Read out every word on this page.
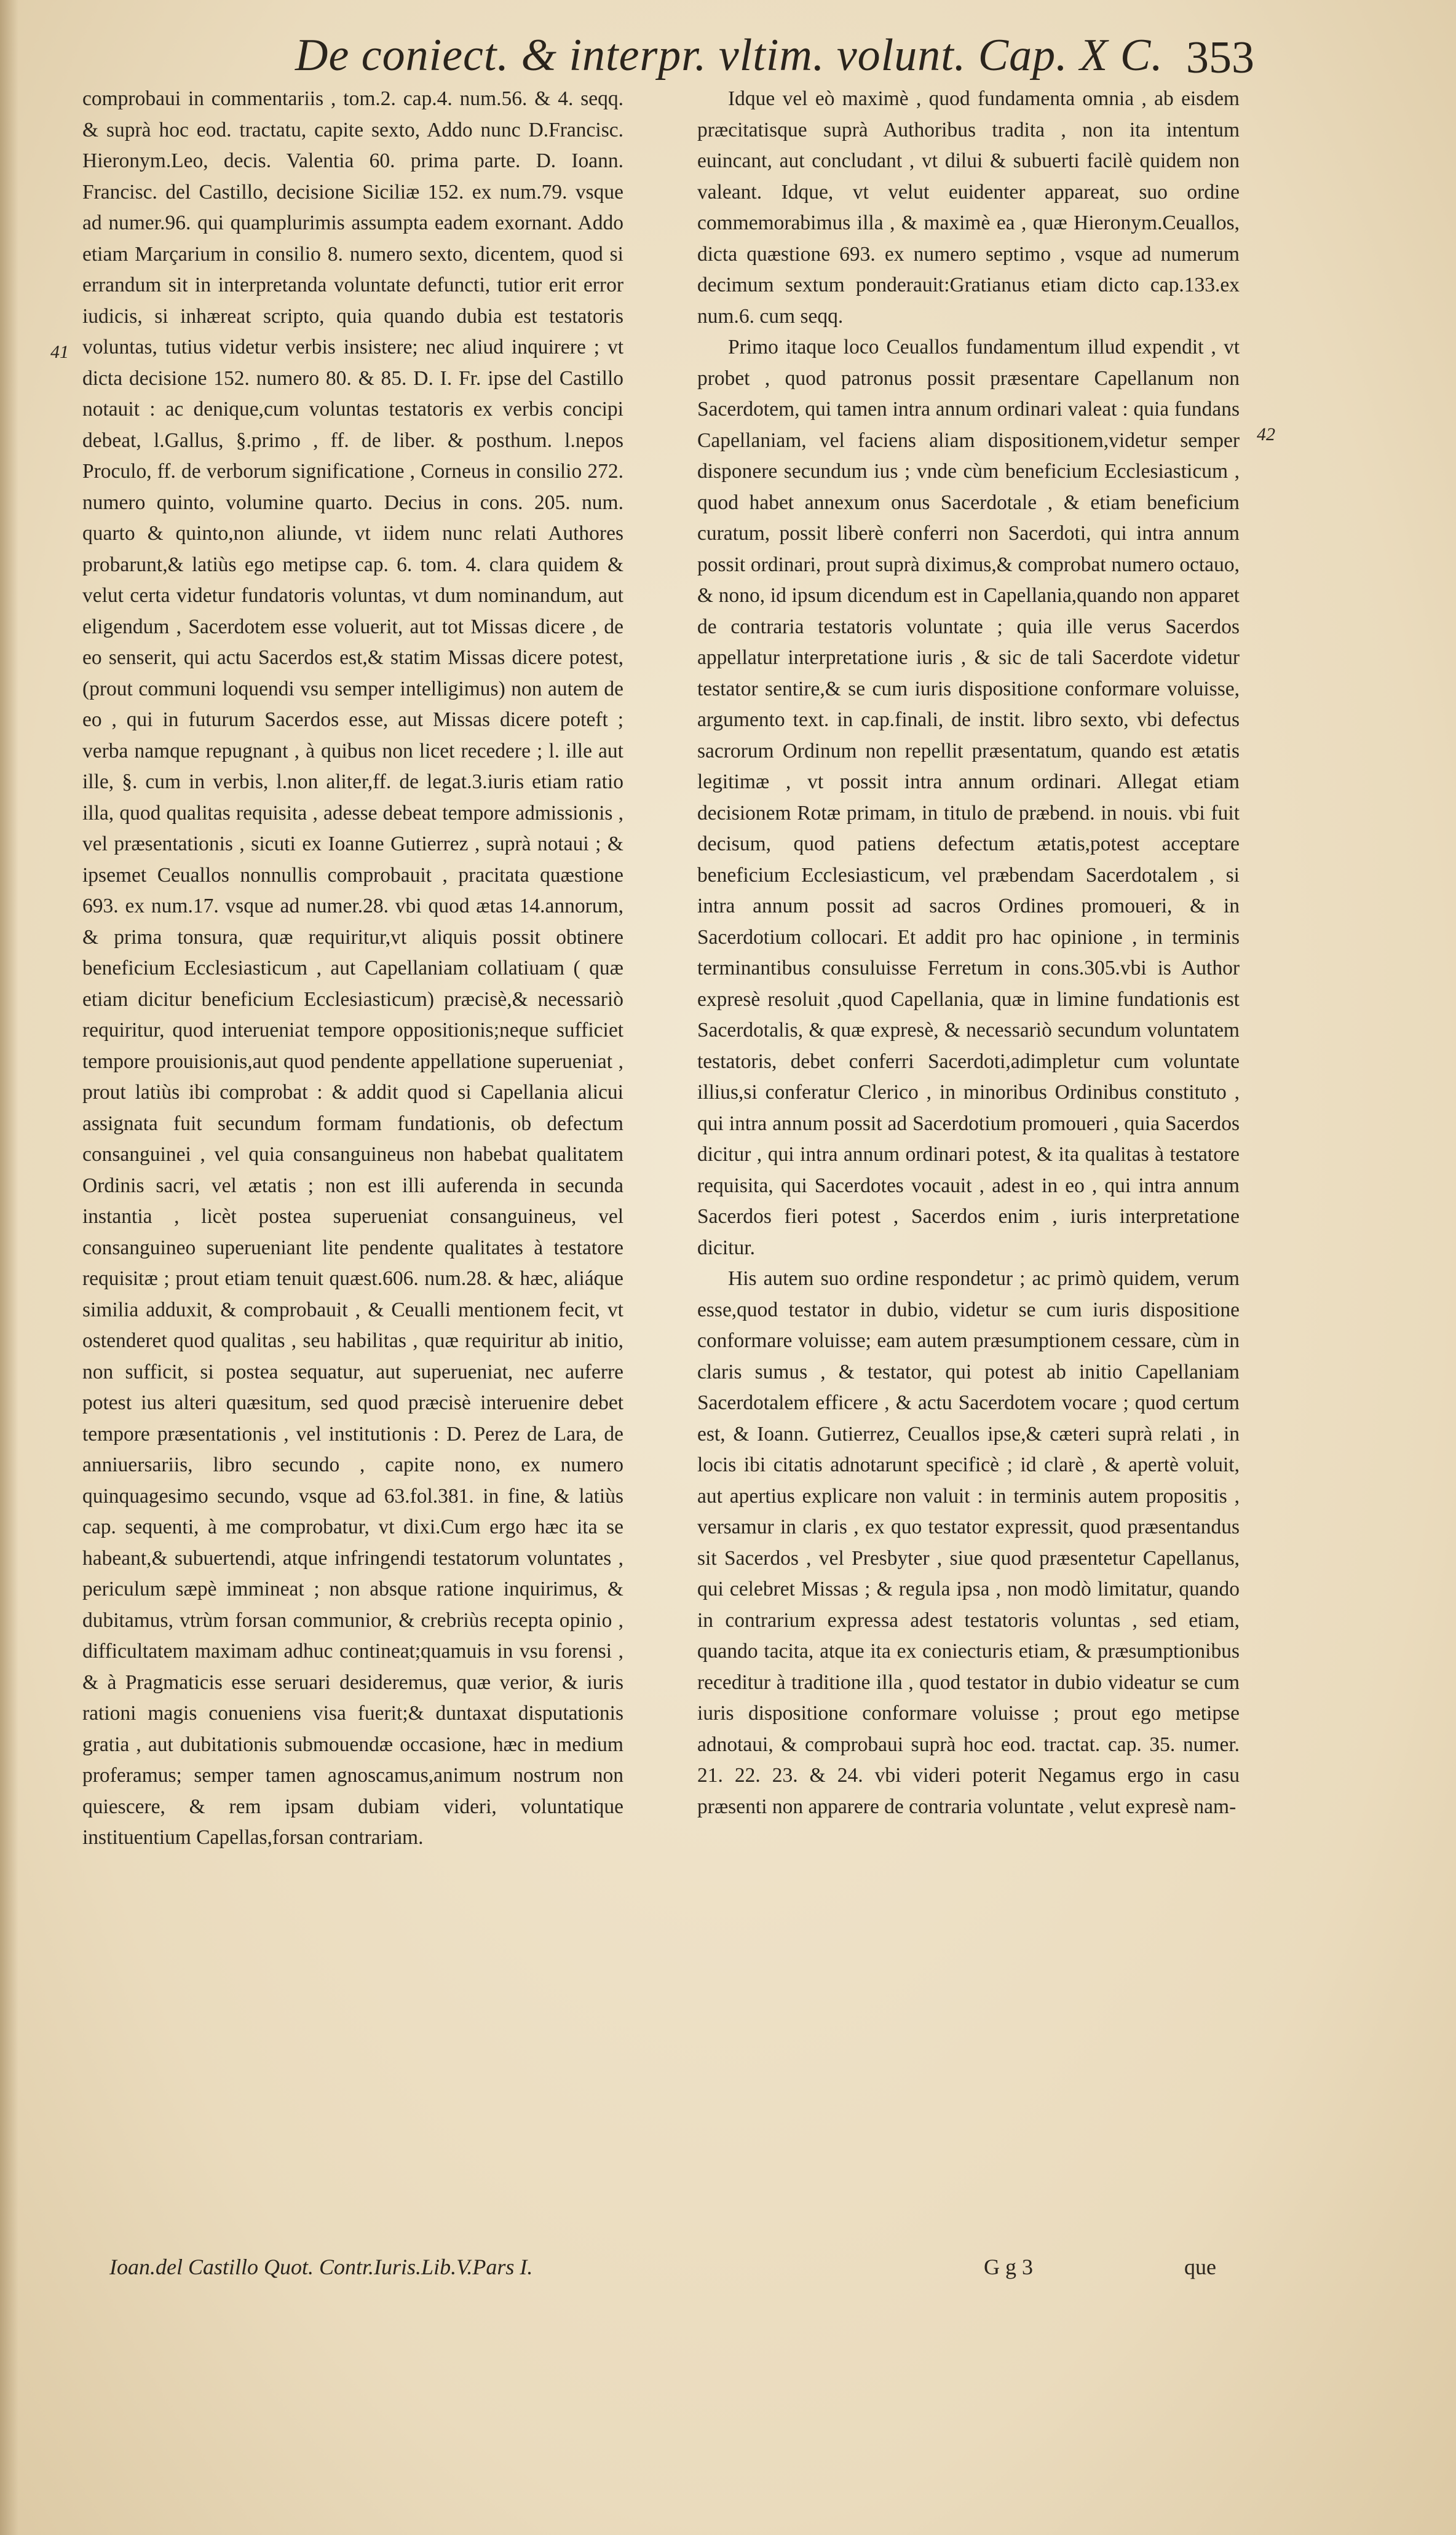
De coniect. & interpr. vltim. volunt. Cap. X C. 353
41
42

comprobaui in commentariis , tom.2. cap.4. num.56. & 4. seqq. & suprà hoc eod. tractatu, capite sexto, Addo nunc D.Francisc. Hieronym.Leo, decis. Valentia 60. prima parte. D. Ioann. Francisc. del Castillo, decisione Siciliæ 152. ex num.79. vsque ad numer.96. qui quamplurimis assumpta eadem exornant. Addo etiam Marçarium in consilio 8. numero sexto, dicentem, quod si errandum sit in interpretanda voluntate defuncti, tutior erit error iudicis, si inhæreat scripto, quia quando dubia est testatoris voluntas, tutius videtur verbis insistere; nec aliud inquirere ; vt dicta decisione 152. numero 80. & 85. D. I. Fr. ipse del Castillo notauit : ac denique,cum voluntas testatoris ex verbis concipi debeat, l.Gallus, §.primo , ff. de liber. & posthum. l.nepos Proculo, ff. de verborum significatione , Corneus in consilio 272. numero quinto, volumine quarto. Decius in cons. 205. num. quarto & quinto,non aliunde, vt iidem nunc relati Authores probarunt,& latiùs ego metipse cap. 6. tom. 4. clara quidem & velut certa videtur fundatoris voluntas, vt dum nominandum, aut eligendum , Sacerdotem esse voluerit, aut tot Missas dicere , de eo senserit, qui actu Sacerdos est,& statim Missas dicere potest, (prout communi loquendi vsu semper intelligimus) non autem de eo , qui in futurum Sacerdos esse, aut Missas dicere poteft ; verba namque repugnant , à quibus non licet recedere ; l. ille aut ille, §. cum in verbis, l.non aliter,ff. de legat.3.iuris etiam ratio illa, quod qualitas requisita , adesse debeat tempore admissionis , vel præsentationis , sicuti ex Ioanne Gutierrez , suprà notaui ; & ipsemet Ceuallos nonnullis comprobauit , pracitata quæstione 693. ex num.17. vsque ad numer.28. vbi quod ætas 14.annorum, & prima tonsura, quæ requiritur,vt aliquis possit obtinere beneficium Ecclesiasticum , aut Capellaniam collatiuam ( quæ etiam dicitur beneficium Ecclesiasticum) præcisè,& necessariò requiritur, quod interueniat tempore oppositionis;neque sufficiet tempore prouisionis,aut quod pendente appellatione superueniat , prout latiùs ibi comprobat : & addit quod si Capellania alicui assignata fuit secundum formam fundationis, ob defectum consanguinei , vel quia consanguineus non habebat qualitatem Ordinis sacri, vel ætatis ; non est illi auferenda in secunda instantia , licèt postea superueniat consanguineus, vel consanguineo superueniant lite pendente qualitates à testatore requisitæ ; prout etiam tenuit quæst.606. num.28. & hæc, aliáque similia adduxit, & comprobauit , & Ceualli mentionem fecit, vt ostenderet quod qualitas , seu habilitas , quæ requiritur ab initio, non sufficit, si postea sequatur, aut superueniat, nec auferre potest ius alteri quæsitum, sed quod præcisè interuenire debet tempore præsentationis , vel institutionis : D. Perez de Lara, de anniuersariis, libro secundo , capite nono, ex numero quinquagesimo secundo, vsque ad 63.fol.381. in fine, & latiùs cap. sequenti, à me comprobatur, vt dixi.Cum ergo hæc ita se habeant,& subuertendi, atque infringendi testatorum voluntates , periculum sæpè immineat ; non absque ratione inquirimus, & dubitamus, vtrùm forsan communior, & crebriùs recepta opinio , difficultatem maximam adhuc contineat;quamuis in vsu forensi , & à Pragmaticis esse seruari desideremus, quæ verior, & iuris rationi magis conueniens visa fuerit;& duntaxat disputationis gratia , aut dubitationis submouendæ occasione, hæc in medium proferamus; semper tamen agnoscamus,animum nostrum non quiescere, & rem ipsam dubiam videri, voluntatique instituentium Capellas,forsan contrariam.

Idque vel eò maximè , quod fundamenta omnia , ab eisdem præcitatisque suprà Authoribus tradita , non ita intentum euincant, aut concludant , vt dilui & subuerti facilè quidem non valeant. Idque, vt velut euidenter appareat, suo ordine commemorabimus illa , & maximè ea , quæ Hieronym.Ceuallos, dicta quæstione 693. ex numero septimo , vsque ad numerum decimum sextum ponderauit:Gratianus etiam dicto cap.133.ex num.6. cum seqq.

Primo itaque loco Ceuallos fundamentum illud expendit , vt probet , quod patronus possit præsentare Capellanum non Sacerdotem, qui tamen intra annum ordinari valeat : quia fundans Capellaniam, vel faciens aliam dispositionem,videtur semper disponere secundum ius ; vnde cùm beneficium Ecclesiasticum , quod habet annexum onus Sacerdotale , & etiam beneficium curatum, possit liberè conferri non Sacerdoti, qui intra annum possit ordinari, prout suprà diximus,& comprobat numero octauo, & nono, id ipsum dicendum est in Capellania,quando non apparet de contraria testatoris voluntate ; quia ille verus Sacerdos appellatur interpretatione iuris , & sic de tali Sacerdote videtur testator sentire,& se cum iuris dispositione conformare voluisse, argumento text. in cap.finali, de instit. libro sexto, vbi defectus sacrorum Ordinum non repellit præsentatum, quando est ætatis legitimæ , vt possit intra annum ordinari. Allegat etiam decisionem Rotæ primam, in titulo de præbend. in nouis. vbi fuit decisum, quod patiens defectum ætatis,potest acceptare beneficium Ecclesiasticum, vel præbendam Sacerdotalem , si intra annum possit ad sacros Ordines promoueri, & in Sacerdotium collocari. Et addit pro hac opinione , in terminis terminantibus consuluisse Ferretum in cons.305.vbi is Author expresè resoluit ,quod Capellania, quæ in limine fundationis est Sacerdotalis, & quæ expresè, & necessariò secundum voluntatem testatoris, debet conferri Sacerdoti,adimpletur cum voluntate illius,si conferatur Clerico , in minoribus Ordinibus constituto , qui intra annum possit ad Sacerdotium promoueri , quia Sacerdos dicitur , qui intra annum ordinari potest, & ita qualitas à testatore requisita, qui Sacerdotes vocauit , adest in eo , qui intra annum Sacerdos fieri potest , Sacerdos enim , iuris interpretatione dicitur.

His autem suo ordine respondetur ; ac primò quidem, verum esse,quod testator in dubio, videtur se cum iuris dispositione conformare voluisse; eam autem præsumptionem cessare, cùm in claris sumus , & testator, qui potest ab initio Capellaniam Sacerdotalem efficere , & actu Sacerdotem vocare ; quod certum est, & Ioann. Gutierrez, Ceuallos ipse,& cæteri suprà relati , in locis ibi citatis adnotarunt specificè ; id clarè , & apertè voluit, aut apertius explicare non valuit : in terminis autem propositis , versamur in claris , ex quo testator expressit, quod præsentandus sit Sacerdos , vel Presbyter , siue quod præsentetur Capellanus, qui celebret Missas ; & regula ipsa , non modò limitatur, quando in contrarium expressa adest testatoris voluntas , sed etiam, quando tacita, atque ita ex coniecturis etiam, & præsumptionibus receditur à traditione illa , quod testator in dubio videatur se cum iuris dispositione conformare voluisse ; prout ego metipse adnotaui, & comprobaui suprà hoc eod. tractat. cap. 35. numer. 21. 22. 23. & 24. vbi videri poterit Negamus ergo in casu præsenti non apparere de contraria voluntate , velut expresè nam-

Ioan.del Castillo Quot. Contr.Iuris.Lib.V.Pars I.	G g 3	que
